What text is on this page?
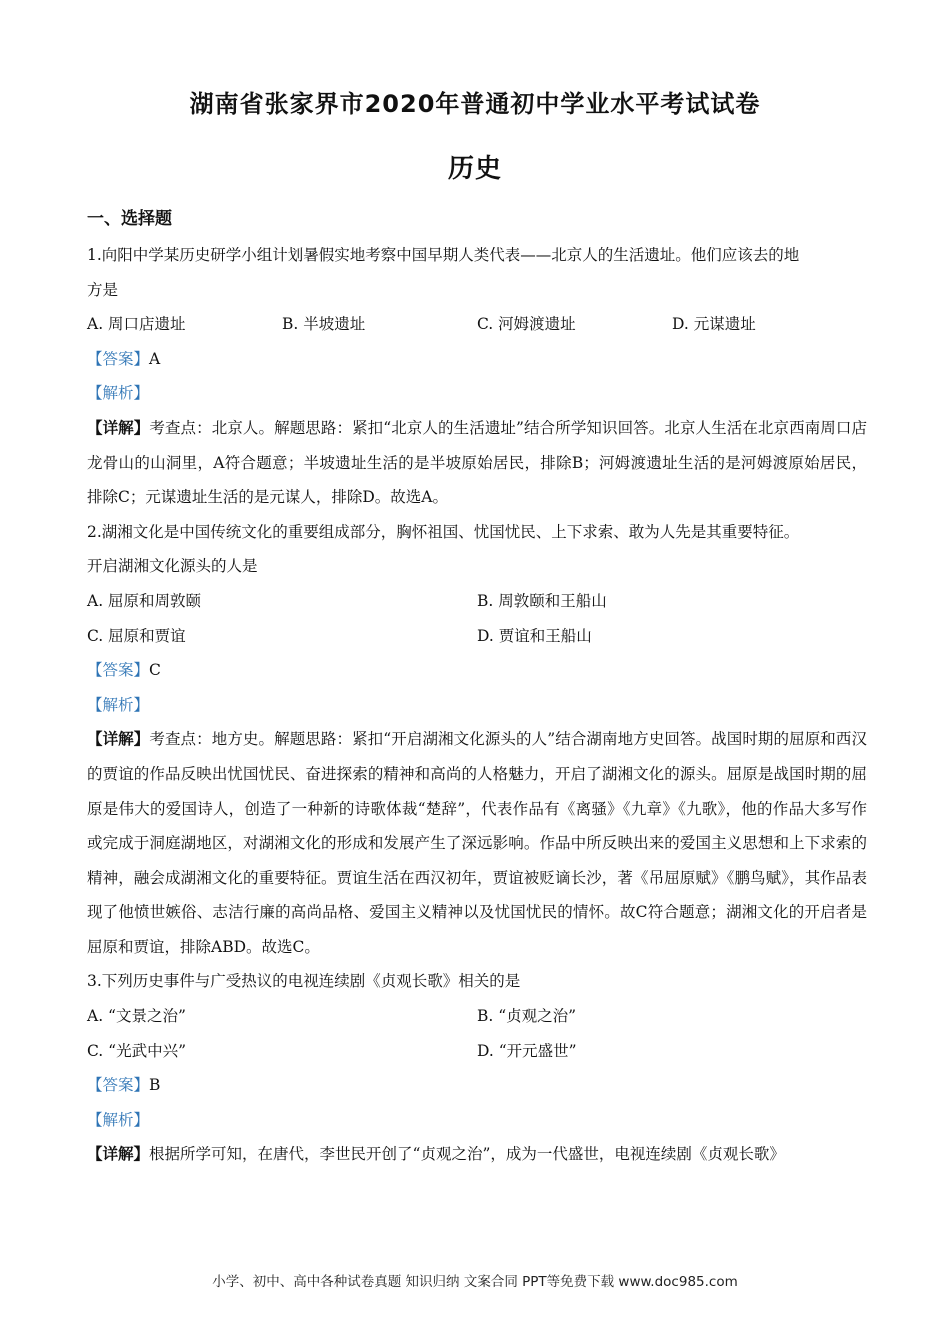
湖南省张家界市2020年普通初中学业水平考试试卷
历史
一、选择题
1.向阳中学某历史研学小组计划暑假实地考察中国早期人类代表——北京人的生活遗址。他们应该去的地
方是
A. 周口店遗址	B. 半坡遗址	C. 河姆渡遗址	D. 元谋遗址
【答案】A
【解析】
【详解】考查点：北京人。解题思路：紧扣“北京人的生活遗址”结合所学知识回答。北京人生活在北京西南周口店龙骨山的山洞里，A符合题意；半坡遗址生活的是半坡原始居民，排除B；河姆渡遗址生活的是河姆渡原始居民，排除C；元谋遗址生活的是元谋人，排除D。故选A。
2.湖湘文化是中国传统文化的重要组成部分，胸怀祖国、忧国忧民、上下求索、敢为人先是其重要特征。
开启湖湘文化源头的人是
A. 屈原和周敦颐	B. 周敦颐和王船山
C. 屈原和贾谊	D. 贾谊和王船山
【答案】C
【解析】
【详解】考查点：地方史。解题思路：紧扣“开启湖湘文化源头的人”结合湖南地方史回答。战国时期的屈原和西汉的贾谊的作品反映出忧国忧民、奋进探索的精神和高尚的人格魅力，开启了湖湘文化的源头。屈原是战国时期的屈原是伟大的爱国诗人，创造了一种新的诗歌体裁“楚辞”，代表作品有《离骚》《九章》《九歌》，他的作品大多写作或完成于洞庭湖地区，对湖湘文化的形成和发展产生了深远影响。作品中所反映出来的爱国主义思想和上下求索的精神，融会成湖湘文化的重要特征。贾谊生活在西汉初年，贾谊被贬谪长沙，著《吊屈原赋》《鹏鸟赋》，其作品表现了他愤世嫉俗、志洁行廉的高尚品格、爱国主义精神以及忧国忧民的情怀。故C符合题意；湖湘文化的开启者是屈原和贾谊，排除ABD。故选C。
3.下列历史事件与广受热议的电视连续剧《贞观长歌》相关的是
A. “文景之治”	B. “贞观之治”
C. “光武中兴”	D. “开元盛世”
【答案】B
【解析】
【详解】根据所学可知，在唐代，李世民开创了“贞观之治”，成为一代盛世，电视连续剧《贞观长歌》
小学、初中、高中各种试卷真题 知识归纳 文案合同 PPT等免费下载 www.doc985.com
